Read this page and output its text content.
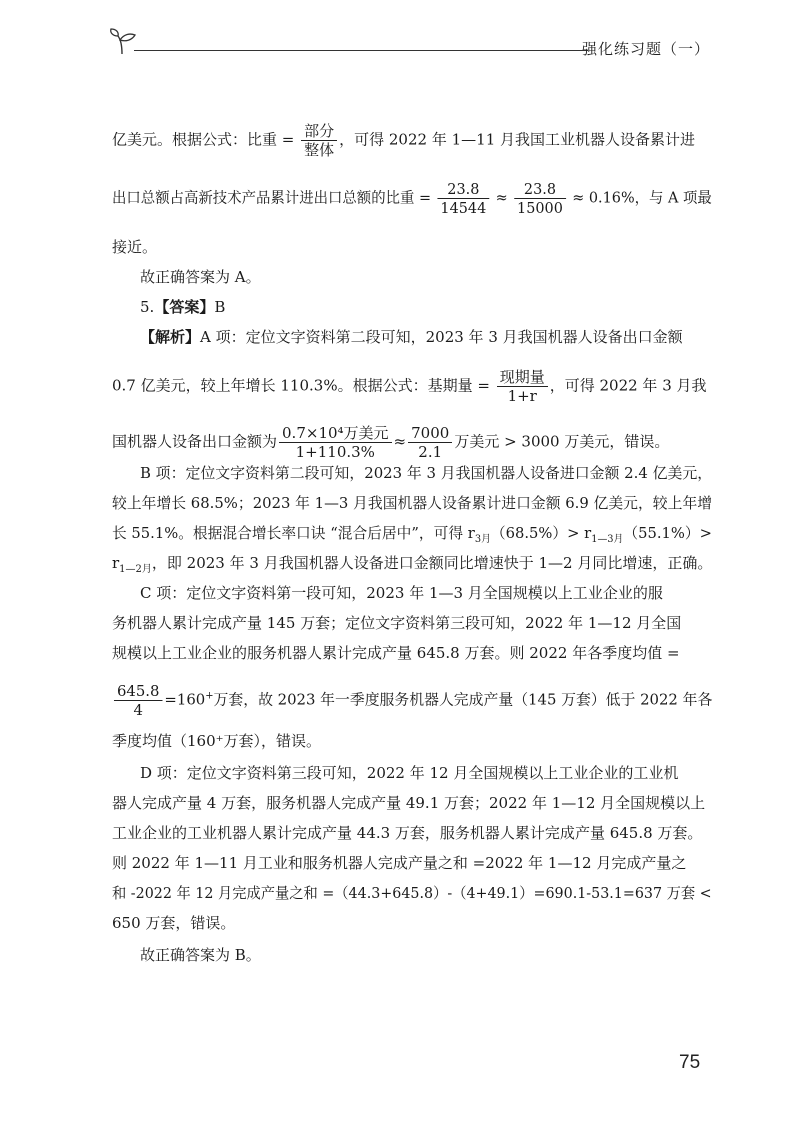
强化练习题（一）
亿美元。根据公式：比重 = $\frac{\text{部分}}{\text{整体}}$ ，可得 2022 年 1—11 月我国工业机器人设备累计进
出口总额占高新技术产品累计进出口总额的比重 = $\frac{23.8}{14544} \approx \frac{23.8}{15000} \approx 0.16\%$，与 A 项最
接近。
故正确答案为 A。
5.【答案】B
【解析】A 项：定位文字资料第二段可知，2023 年 3 月我国机器人设备出口金额
0.7 亿美元，较上年增长 110.3%。根据公式：基期量 = $\frac{\text{现期量}}{1+r}$ ，可得 2022 年 3 月我
国机器人设备出口金额为 $\frac{\text{0.7×10⁴万美元}}{1+110.3\%} \approx \frac{7000}{2.1}$ 万美元 > 3000 万美元，错误。
B 项：定位文字资料第二段可知，2023 年 3 月我国机器人设备进口金额 2.4 亿美元，
较上年增长 68.5%；2023 年 1—3 月我国机器人设备累计进口金额 6.9 亿美元，较上年增
长 55.1%。根据混合增长率口诀 “混合后居中”，可得 $r_{3月}(68.5\%)> r_{1—3月}(55.1\%)>$
$r_{1—2月}$，即 2023 年 3 月我国机器人设备进口金额同比增速快于 1—2 月同比增速，正确。
C 项：定位文字资料第一段可知，2023 年 1—3 月全国规模以上工业企业的服
务机器人累计完成产量 145 万套；定位文字资料第三段可知，2022 年 1—12 月全国
规模以上工业企业的服务机器人累计完成产量 645.8 万套。则 2022 年各季度均值 =
$\frac{645.8}{4} =160^+$万套，故 2023 年一季度服务机器人完成产量（145 万套）低于 2022 年各
季度均值（160⁺万套），错误。
D 项：定位文字资料第三段可知，2022 年 12 月全国规模以上工业企业的工业机
器人完成产量 4 万套，服务机器人完成产量 49.1 万套；2022 年 1—12 月全国规模以上
工业企业的工业机器人累计完成产量 44.3 万套，服务机器人累计完成产量 645.8 万套。
则 2022 年 1—11 月工业和服务机器人完成产量之和 =2022 年 1—12 月完成产量之
和 -2022 年 12 月完成产量之和 =（44.3+645.8）-（4+49.1）=690.1-53.1=637 万套 <
650 万套，错误。
故正确答案为 B。
75
